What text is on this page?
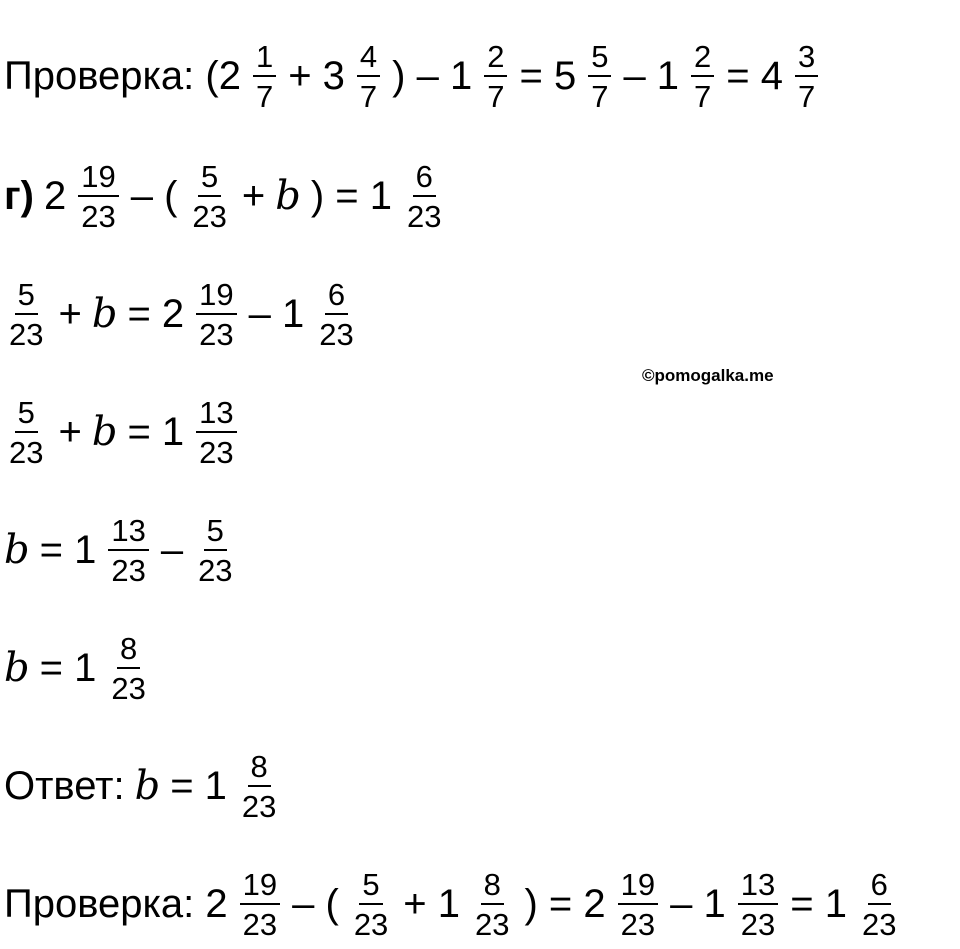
Проверка: ($2 \frac{1}{7} + 3 \frac{4}{7}$ ) – $1 \frac{2}{7} = 5 \frac{5}{7} - 1 \frac{2}{7} = 4 \frac{3}{7}$
г) $2 \frac{19}{23}$ – ( $\frac{5}{23} + b$ ) = $1 \frac{6}{23}$
$\frac{5}{23} + b = 2 \frac{19}{23} - 1 \frac{6}{23}$
$\frac{5}{23} + b = 1 \frac{13}{23}$
$b = 1 \frac{13}{23} - \frac{5}{23}$
$b = 1 \frac{8}{23}$
Ответ: $b = 1 \frac{8}{23}$
Проверка: $2 \frac{19}{23}$ – ( $\frac{5}{23} + 1 \frac{8}{23}$ ) = $2 \frac{19}{23} - 1 \frac{13}{23} = 1 \frac{6}{23}$
©pomogalka.me
